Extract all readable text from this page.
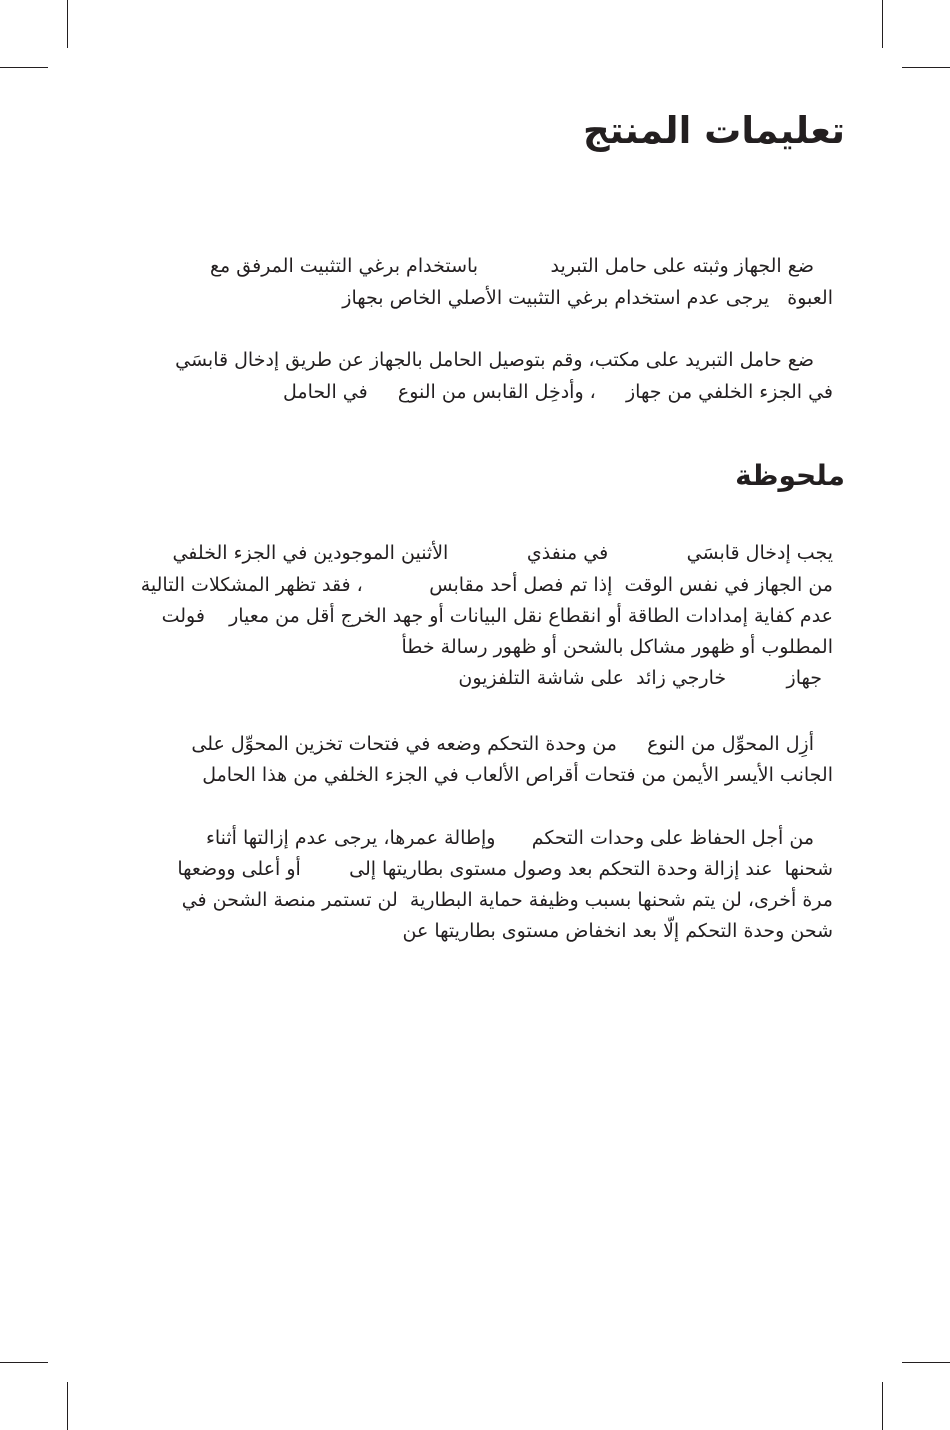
تعليمات المنتج
ضع الجهاز وثبته على حامل التبريد            باستخدام برغي التثبيت المرفق مع
العبوة   يرجى عدم استخدام برغي التثبيت الأصلي الخاص بجهاز
ضع حامل التبريد على مكتب، وقم بتوصيل الحامل بالجهاز عن طريق إدخال قابسَي
في الجزء الخلفي من جهاز     ، وأدخِل القابس من النوع     في الحامل
ملحوظة
يجب إدخال قابسَي             في منفذي             الأثنين الموجودين في الجزء الخلفي
من الجهاز في نفس الوقت  إذا تم فصل أحد مقابس           ، فقد تظهر المشكلات التالية
عدم كفاية إمدادات الطاقة أو انقطاع نقل البيانات أو جهد الخرج أقل من معيار    فولت
المطلوب أو ظهور مشاكل بالشحن أو ظهور رسالة خطأ
جهاز          خارجي زائد  على شاشة التلفزيون
أزِل المحوِّل من النوع     من وحدة التحكم وضعه في فتحات تخزين المحوِّل على
الجانب الأيسر الأيمن من فتحات أقراص الألعاب في الجزء الخلفي من هذا الحامل
من أجل الحفاظ على وحدات التحكم      وإطالة عمرها، يرجى عدم إزالتها أثناء
شحنها  عند إزالة وحدة التحكم بعد وصول مستوى بطاريتها إلى        أو أعلى ووضعها
مرة أخرى، لن يتم شحنها بسبب وظيفة حماية البطارية  لن تستمر منصة الشحن في
شحن وحدة التحكم إلّا بعد انخفاض مستوى بطاريتها عن
